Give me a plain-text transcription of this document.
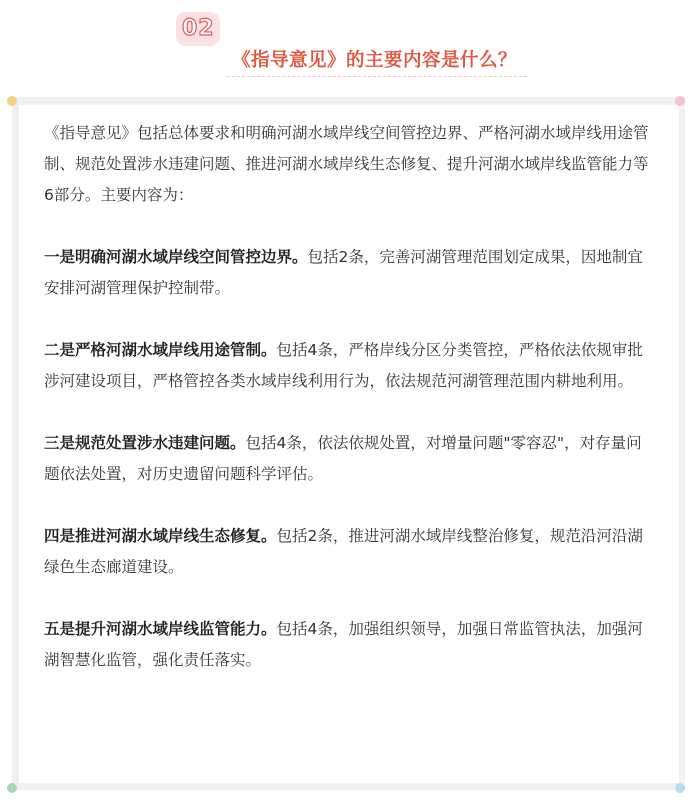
02
《指导意见》的主要内容是什么？

《指导意见》包括总体要求和明确河湖水域岸线空间管控边界、严格河湖水域岸线用途管制、规范处置涉水违建问题、推进河湖水域岸线生态修复、提升河湖水域岸线监管能力等6部分。主要内容为：

一是明确河湖水域岸线空间管控边界。包括2条，完善河湖管理范围划定成果，因地制宜安排河湖管理保护控制带。

二是严格河湖水域岸线用途管制。包括4条，严格岸线分区分类管控，严格依法依规审批涉河建设项目，严格管控各类水域岸线利用行为，依法规范河湖管理范围内耕地利用。

三是规范处置涉水违建问题。包括4条，依法依规处置，对增量问题"零容忍"，对存量问题依法处置，对历史遗留问题科学评估。

四是推进河湖水域岸线生态修复。包括2条，推进河湖水域岸线整治修复，规范沿河沿湖绿色生态廊道建设。

五是提升河湖水域岸线监管能力。包括4条，加强组织领导，加强日常监管执法，加强河湖智慧化监管，强化责任落实。
